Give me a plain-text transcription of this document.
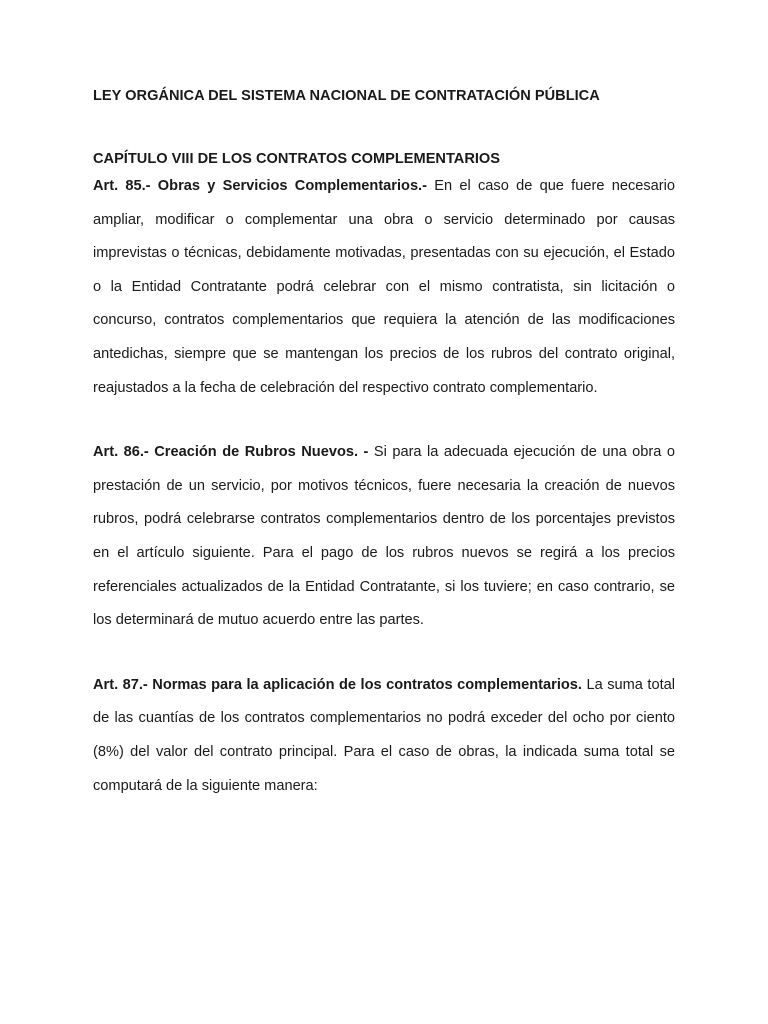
LEY ORGÁNICA DEL SISTEMA NACIONAL DE CONTRATACIÓN PÚBLICA

CAPÍTULO VIII DE LOS CONTRATOS COMPLEMENTARIOS

Art. 85.- Obras y Servicios Complementarios.- En el caso de que fuere necesario ampliar, modificar o complementar una obra o servicio determinado por causas imprevistas o técnicas, debidamente motivadas, presentadas con su ejecución, el Estado o la Entidad Contratante podrá celebrar con el mismo contratista, sin licitación o concurso, contratos complementarios que requiera la atención de las modificaciones antedichas, siempre que se mantengan los precios de los rubros del contrato original, reajustados a la fecha de celebración del respectivo contrato complementario.

Art. 86.- Creación de Rubros Nuevos. - Si para la adecuada ejecución de una obra o prestación de un servicio, por motivos técnicos, fuere necesaria la creación de nuevos rubros, podrá celebrarse contratos complementarios dentro de los porcentajes previstos en el artículo siguiente. Para el pago de los rubros nuevos se regirá a los precios referenciales actualizados de la Entidad Contratante, si los tuviere; en caso contrario, se los determinará de mutuo acuerdo entre las partes.

Art. 87.- Normas para la aplicación de los contratos complementarios. La suma total de las cuantías de los contratos complementarios no podrá exceder del ocho por ciento (8%) del valor del contrato principal. Para el caso de obras, la indicada suma total se computará de la siguiente manera:
